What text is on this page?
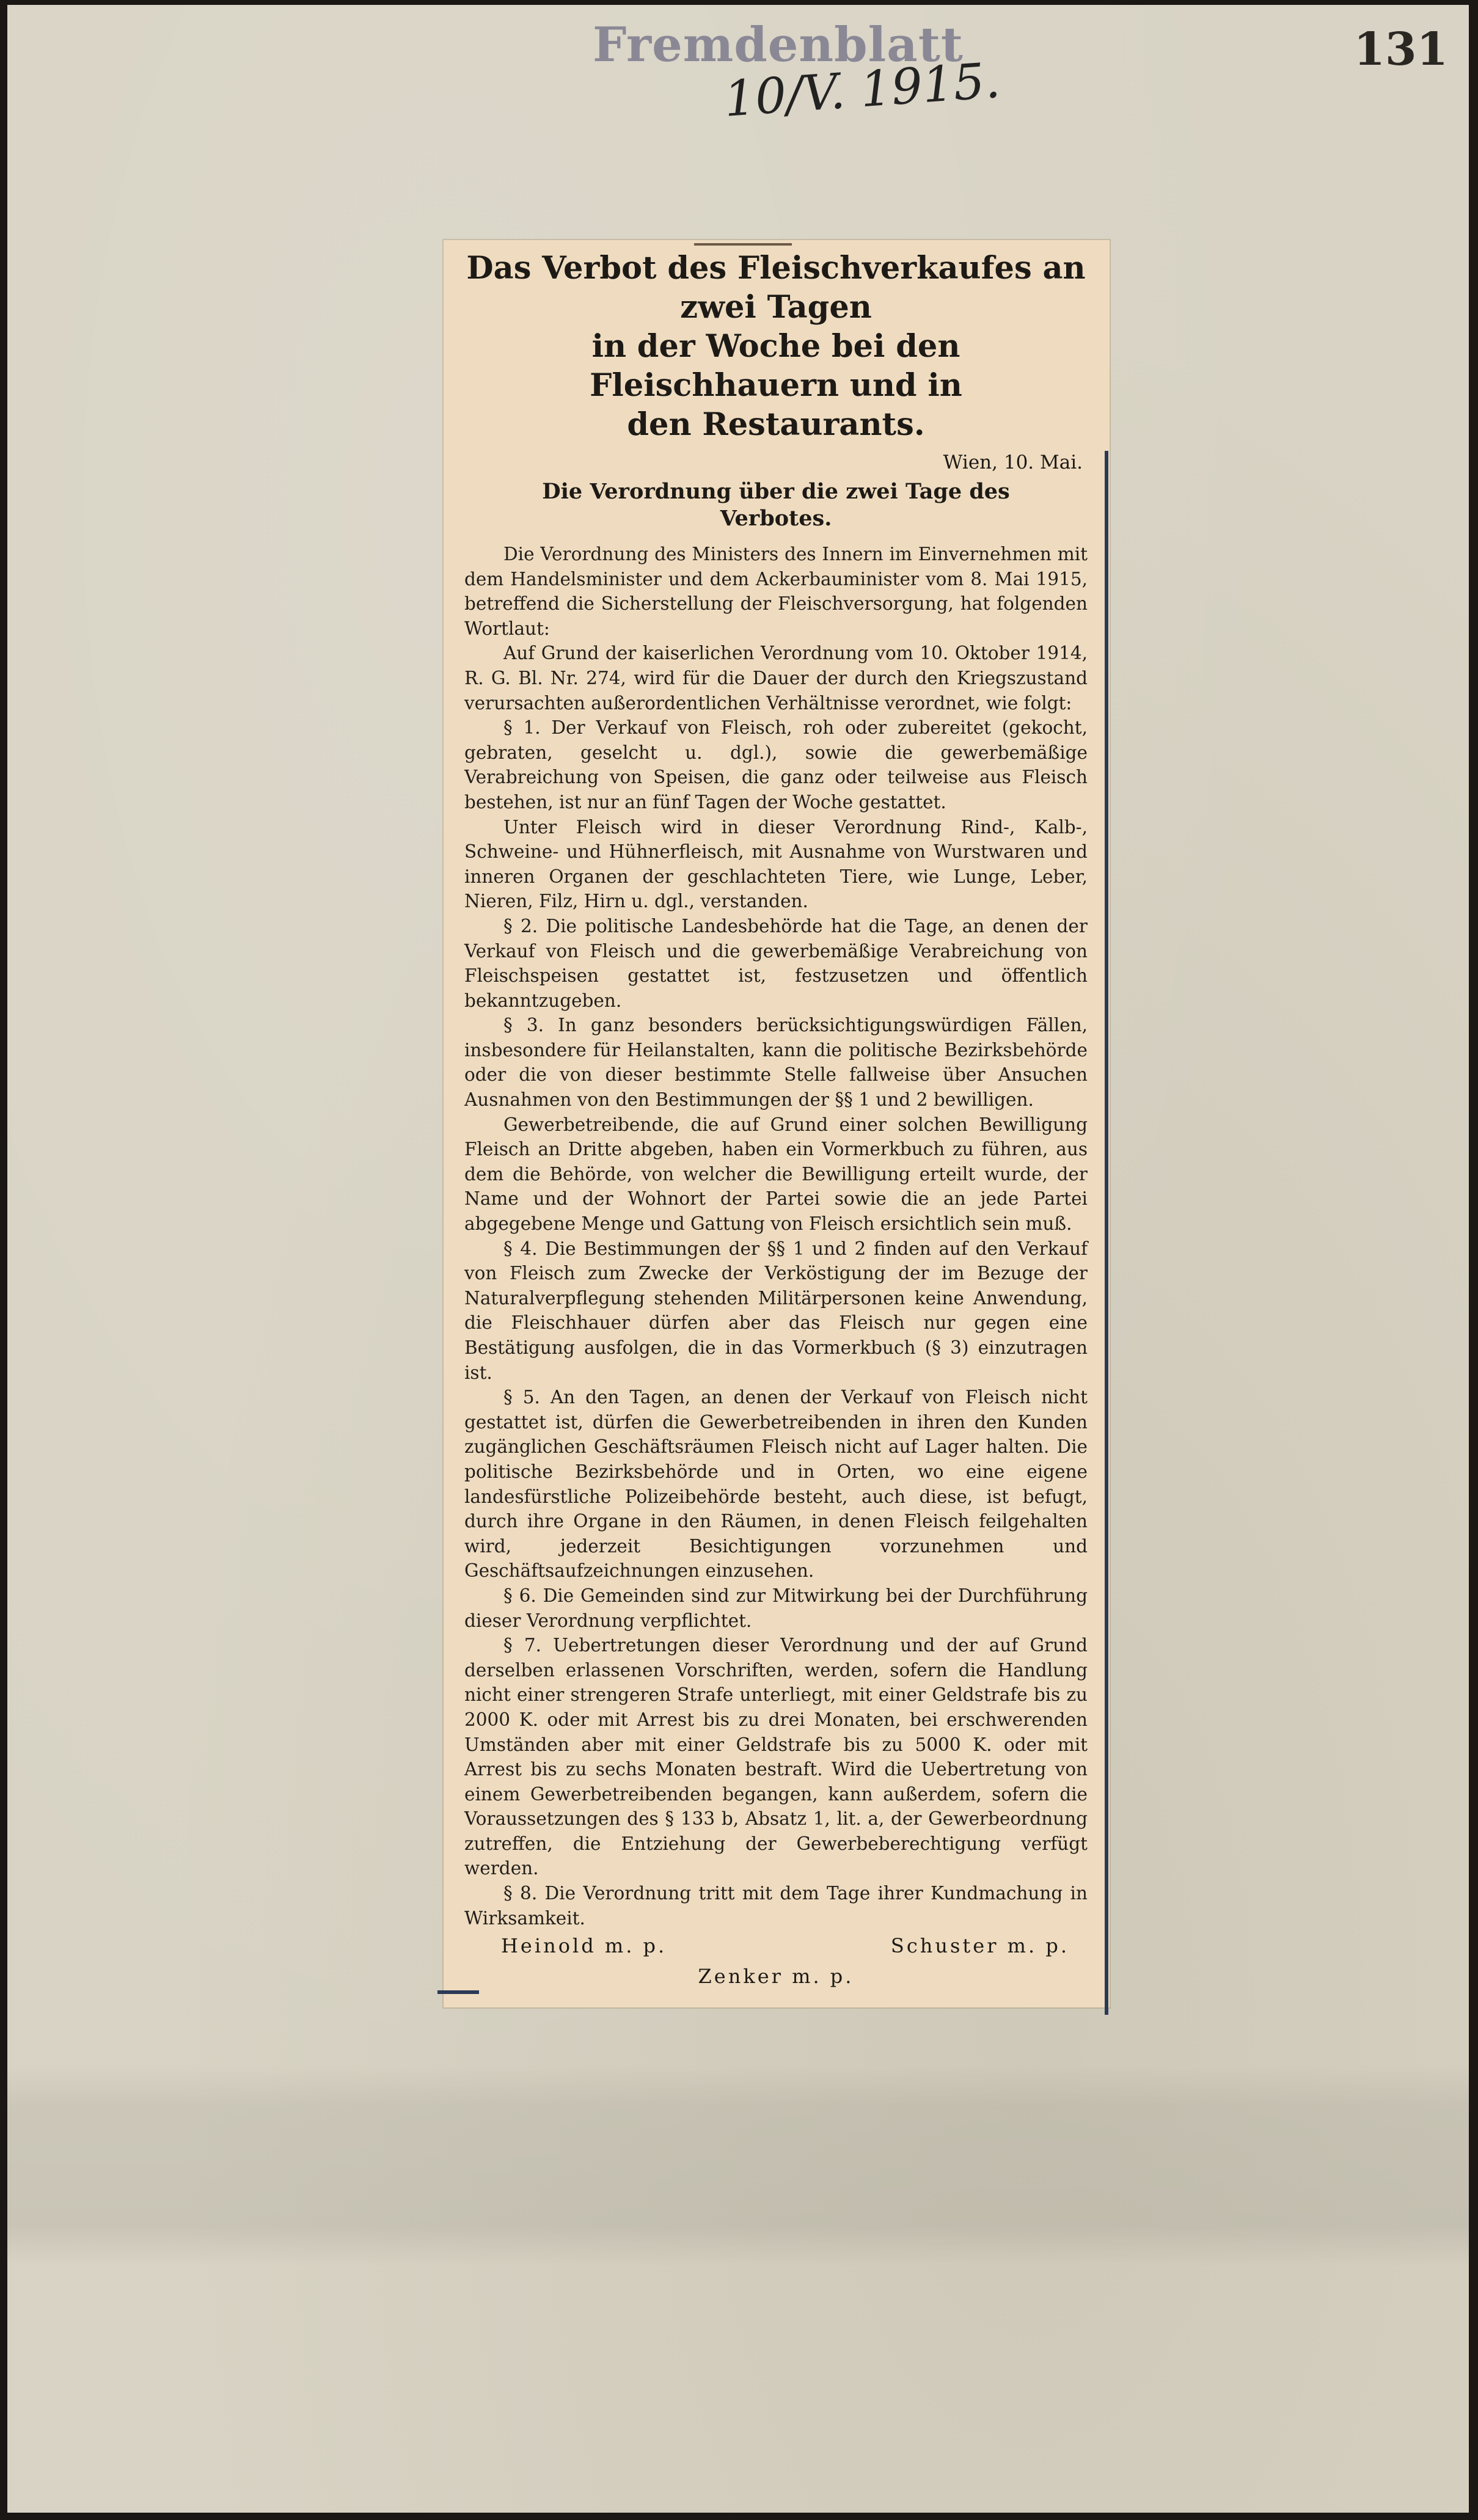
Fremdenblatt
10/V. 1915.
131
Das Verbot des Fleischverkaufes an zwei Tagen
in der Woche bei den Fleischhauern und in
den Restaurants.
Wien, 10. Mai.
Die Verordnung über die zwei Tage des
Verbotes.

Die Verordnung des Ministers des Innern im Einvernehmen mit dem Handelsminister und dem Ackerbauminister vom 8. Mai 1915, betreffend die Sicherstellung der Fleischversorgung, hat folgenden Wortlaut:

Auf Grund der kaiserlichen Verordnung vom 10. Oktober 1914, R. G. Bl. Nr. 274, wird für die Dauer der durch den Kriegszustand verursachten außerordentlichen Verhältnisse verordnet, wie folgt:

§ 1. Der Verkauf von Fleisch, roh oder zubereitet (gekocht, gebraten, geselcht u. dgl.), sowie die gewerbemäßige Verabreichung von Speisen, die ganz oder teilweise aus Fleisch bestehen, ist nur an fünf Tagen der Woche gestattet.

Unter Fleisch wird in dieser Verordnung Rind-, Kalb-, Schweine- und Hühnerfleisch, mit Ausnahme von Wurstwaren und inneren Organen der geschlachteten Tiere, wie Lunge, Leber, Nieren, Filz, Hirn u. dgl., verstanden.

§ 2. Die politische Landesbehörde hat die Tage, an denen der Verkauf von Fleisch und die gewerbemäßige Verabreichung von Fleischspeisen gestattet ist, festzusetzen und öffentlich bekanntzugeben.

§ 3. In ganz besonders berücksichtigungswürdigen Fällen, insbesondere für Heilanstalten, kann die politische Bezirksbehörde oder die von dieser bestimmte Stelle fallweise über Ansuchen Ausnahmen von den Bestimmungen der §§ 1 und 2 bewilligen.

Gewerbetreibende, die auf Grund einer solchen Bewilligung Fleisch an Dritte abgeben, haben ein Vormerkbuch zu führen, aus dem die Behörde, von welcher die Bewilligung erteilt wurde, der Name und der Wohnort der Partei sowie die an jede Partei abgegebene Menge und Gattung von Fleisch ersichtlich sein muß.

§ 4. Die Bestimmungen der §§ 1 und 2 finden auf den Verkauf von Fleisch zum Zwecke der Verköstigung der im Bezuge der Naturalverpflegung stehenden Militärpersonen keine Anwendung, die Fleischhauer dürfen aber das Fleisch nur gegen eine Bestätigung ausfolgen, die in das Vormerkbuch (§ 3) einzutragen ist.

§ 5. An den Tagen, an denen der Verkauf von Fleisch nicht gestattet ist, dürfen die Gewerbetreibenden in ihren den Kunden zugänglichen Geschäftsräumen Fleisch nicht auf Lager halten. Die politische Bezirksbehörde und in Orten, wo eine eigene landesfürstliche Polizeibehörde besteht, auch diese, ist befugt, durch ihre Organe in den Räumen, in denen Fleisch feilgehalten wird, jederzeit Besichtigungen vorzunehmen und Geschäftsaufzeichnungen einzusehen.

§ 6. Die Gemeinden sind zur Mitwirkung bei der Durchführung dieser Verordnung verpflichtet.

§ 7. Uebertretungen dieser Verordnung und der auf Grund derselben erlassenen Vorschriften, werden, sofern die Handlung nicht einer strengeren Strafe unterliegt, mit einer Geldstrafe bis zu 2000 K. oder mit Arrest bis zu drei Monaten, bei erschwerenden Umständen aber mit einer Geldstrafe bis zu 5000 K. oder mit Arrest bis zu sechs Monaten bestraft. Wird die Uebertretung von einem Gewerbetreibenden begangen, kann außerdem, sofern die Voraussetzungen des § 133 b, Absatz 1, lit. a, der Gewerbeordnung zutreffen, die Entziehung der Gewerbeberechtigung verfügt werden.

§ 8. Die Verordnung tritt mit dem Tage ihrer Kundmachung in Wirksamkeit.

Heinold m. p.	Schuster m. p.
Zenker m. p.
